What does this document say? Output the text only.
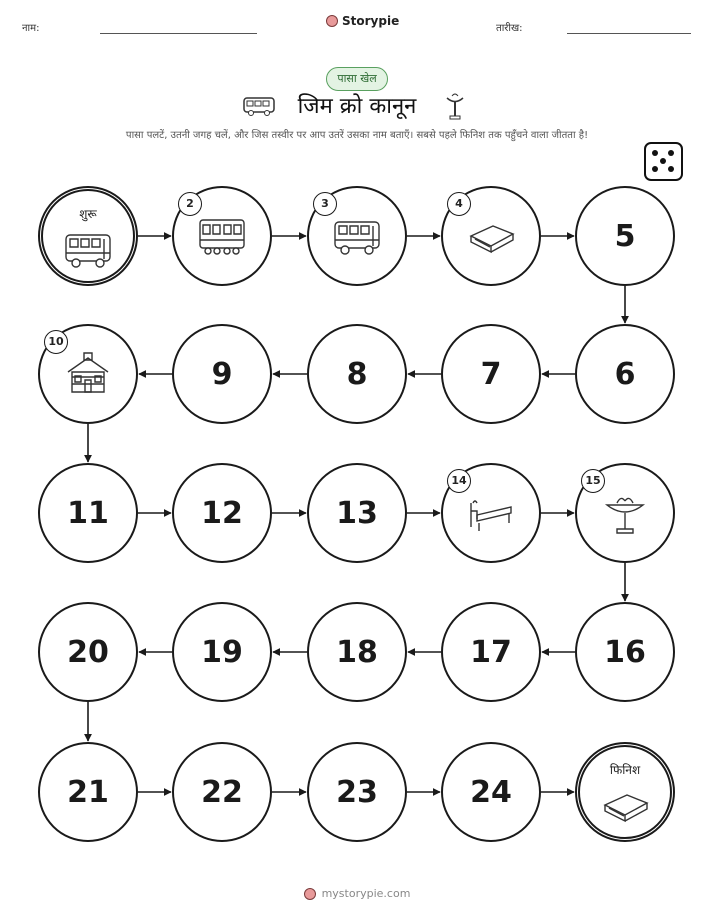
नाम:
Storypie
तारीख:
पासा खेल
जिम क्रो कानून
पासा पलटें, उतनी जगह चलें, और जिस तस्वीर पर आप उतरें उसका नाम बताएँ। सबसे पहले फिनिश तक पहुँचने वाला जीतता है!
शुरू
2	3	4
5
6
7
8
9
10
11	12	13
14	15
16
17
18
19
20
21	22	23	24
फिनिश
mystorypie.com
